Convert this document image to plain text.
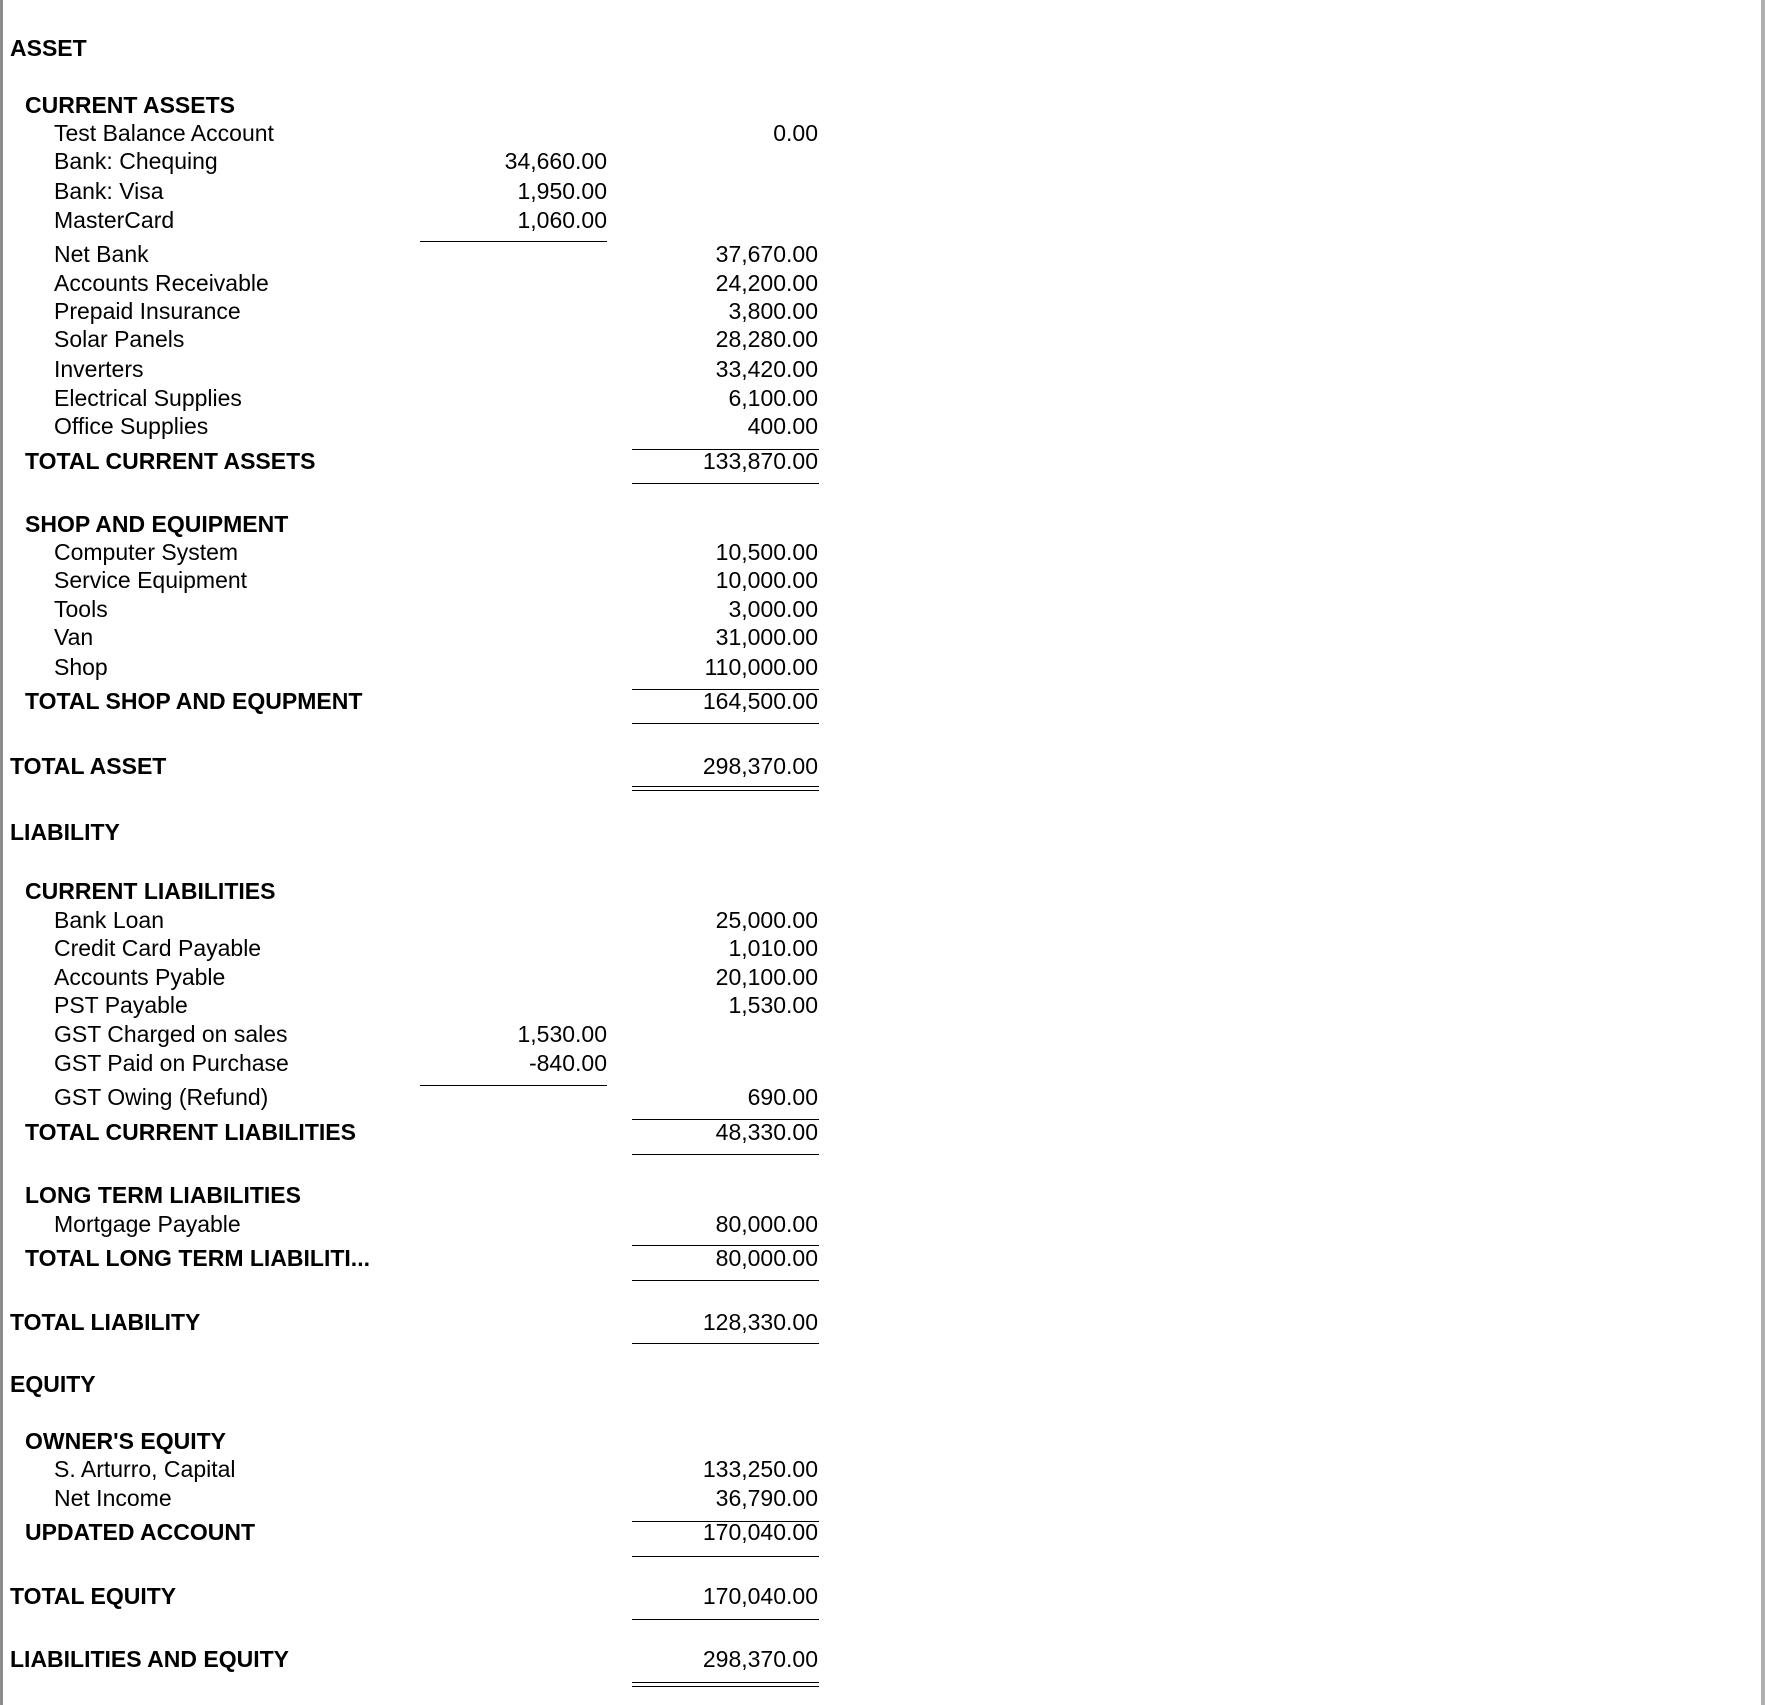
ASSET
CURRENT ASSETS
Test Balance Account	0.00
Bank: Chequing	34,660.00
Bank: Visa	1,950.00
MasterCard	1,060.00
Net Bank	37,670.00
Accounts Receivable	24,200.00
Prepaid Insurance	3,800.00
Solar Panels	28,280.00
Inverters	33,420.00
Electrical Supplies	6,100.00
Office Supplies	400.00
TOTAL CURRENT ASSETS	133,870.00
SHOP AND EQUIPMENT
Computer System	10,500.00
Service Equipment	10,000.00
Tools	3,000.00
Van	31,000.00
Shop	110,000.00
TOTAL SHOP AND EQUPMENT	164,500.00
TOTAL ASSET	298,370.00
LIABILITY
CURRENT LIABILITIES
Bank Loan	25,000.00
Credit Card Payable	1,010.00
Accounts Pyable	20,100.00
PST Payable	1,530.00
GST Charged on sales	1,530.00
GST Paid on Purchase	-840.00
GST Owing (Refund)	690.00
TOTAL CURRENT LIABILITIES	48,330.00
LONG TERM LIABILITIES
Mortgage Payable	80,000.00
TOTAL LONG TERM LIABILITI...	80,000.00
TOTAL LIABILITY	128,330.00
EQUITY
OWNER'S EQUITY
S. Arturro, Capital	133,250.00
Net Income	36,790.00
UPDATED ACCOUNT	170,040.00
TOTAL EQUITY	170,040.00
LIABILITIES AND EQUITY	298,370.00
